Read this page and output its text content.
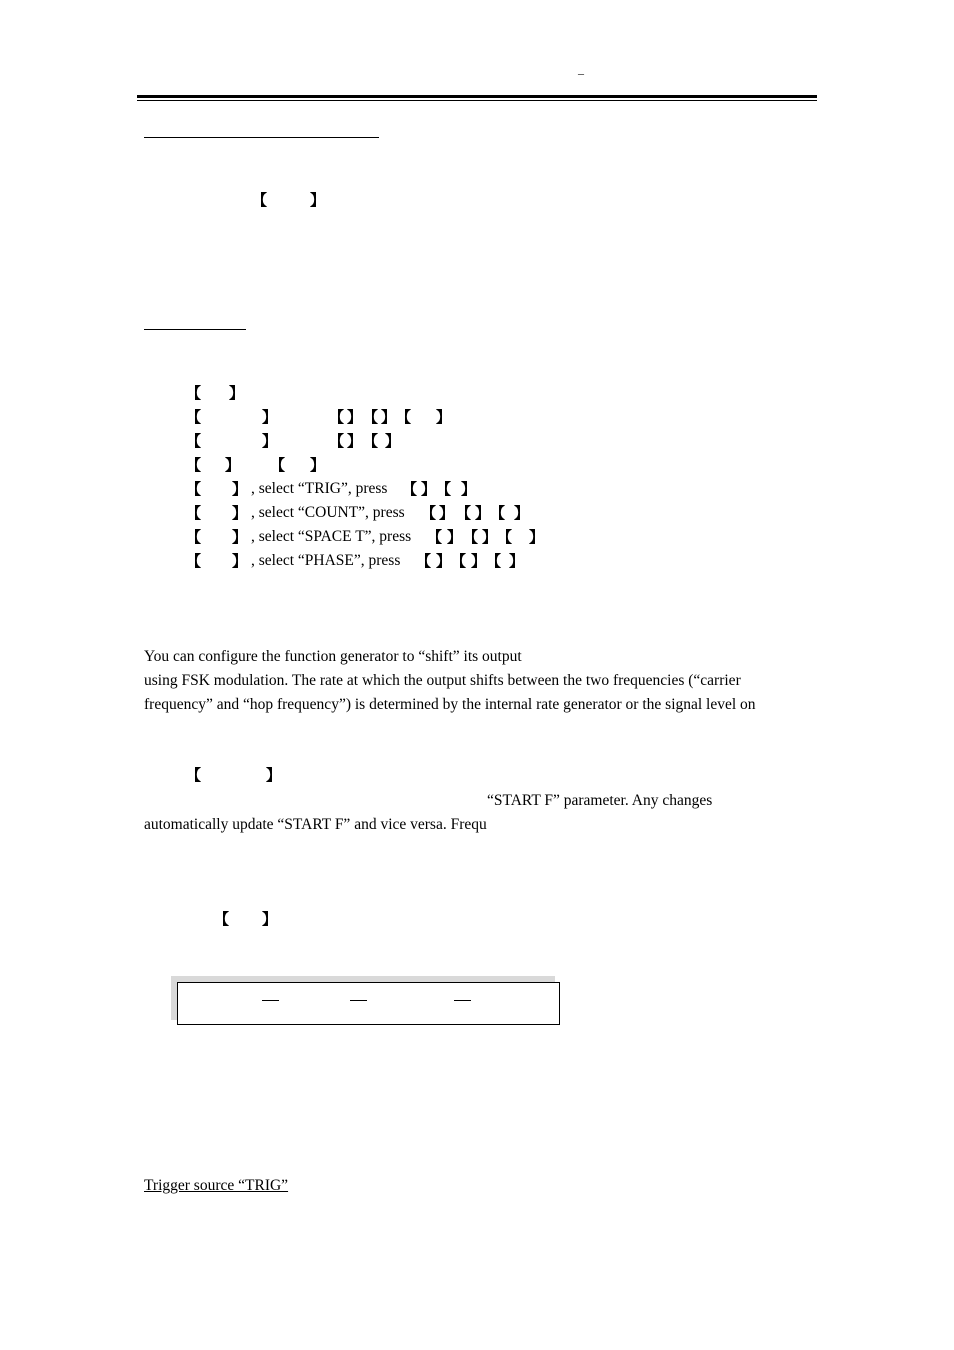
–
【	】
【 】
【	】	【 】 【 】 【 】
【	】	【 】 【 】
【 】 【 】
【 】 , select “TRIG”, press 【 】 【 】
【 】 , select “COUNT”, press 【 】 【 】 【 】
【 】 , select “SPACE T”, press 【 】 【 】 【 】
【 】 , select “PHASE”, press 【 】 【 】 【 】
You can configure the function generator to “shift” its output
using FSK modulation. The rate at which the output shifts between the two frequencies (“carrier
frequency” and “hop frequency”) is determined by the internal rate generator or the signal level on
【	】
“START F” parameter. Any changes
automatically update “START F” and vice versa. Frequ
【 】
Trigger source “TRIG”
